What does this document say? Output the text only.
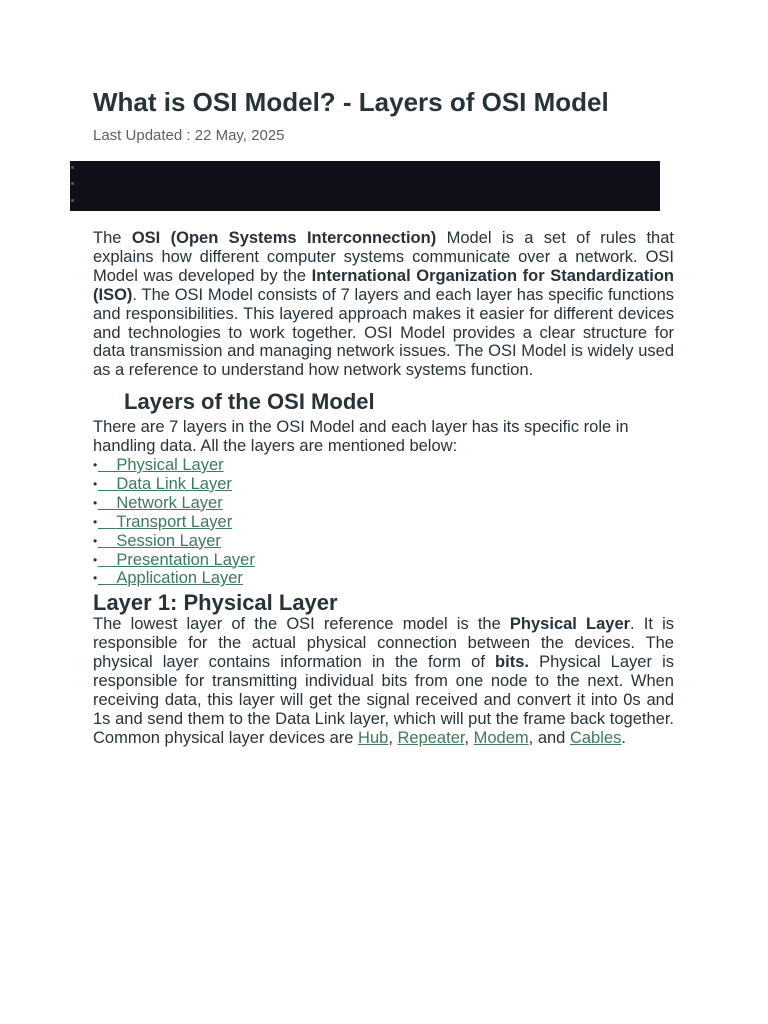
What is OSI Model? - Layers of OSI Model
Last Updated : 22 May, 2025

The OSI (Open Systems Interconnection) Model is a set of rules that explains how different computer systems communicate over a network. OSI Model was developed by the International Organization for Standardization (ISO). The OSI Model consists of 7 layers and each layer has specific functions and responsibilities. This layered approach makes it easier for different devices and technologies to work together. OSI Model provides a clear structure for data transmission and managing network issues. The OSI Model is widely used as a reference to understand how network systems function.

Layers of the OSI Model

There are 7 layers in the OSI Model and each layer has its specific role in handling data. All the layers are mentioned below:

• Physical Layer
• Data Link Layer
• Network Layer
• Transport Layer
• Session Layer
• Presentation Layer
• Application Layer
Layer 1: Physical Layer

The lowest layer of the OSI reference model is the Physical Layer. It is responsible for the actual physical connection between the devices. The physical layer contains information in the form of bits. Physical Layer is responsible for transmitting individual bits from one node to the next. When receiving data, this layer will get the signal received and convert it into 0s and 1s and send them to the Data Link layer, which will put the frame back together. Common physical layer devices are Hub, Repeater, Modem, and Cables.
